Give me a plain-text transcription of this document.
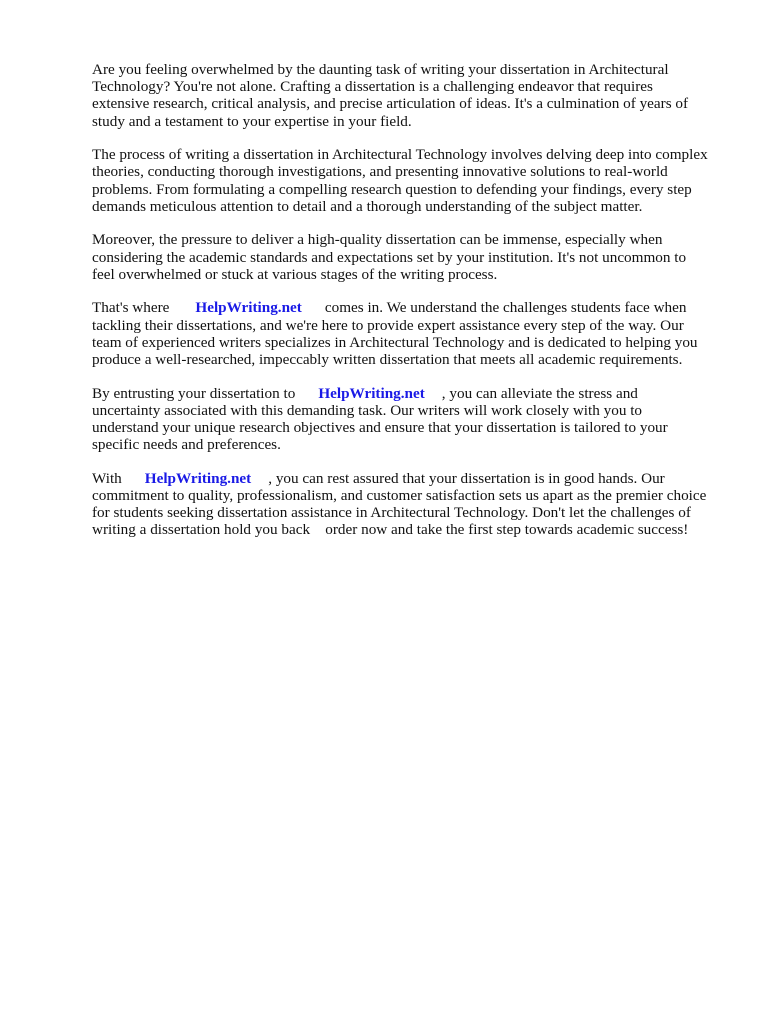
Are you feeling overwhelmed by the daunting task of writing your dissertation in Architectural
Technology? You're not alone. Crafting a dissertation is a challenging endeavor that requires
extensive research, critical analysis, and precise articulation of ideas. It's a culmination of years of
study and a testament to your expertise in your field.

The process of writing a dissertation in Architectural Technology involves delving deep into complex
theories, conducting thorough investigations, and presenting innovative solutions to real-world
problems. From formulating a compelling research question to defending your findings, every step
demands meticulous attention to detail and a thorough understanding of the subject matter.

Moreover, the pressure to deliver a high-quality dissertation can be immense, especially when
considering the academic standards and expectations set by your institution. It's not uncommon to
feel overwhelmed or stuck at various stages of the writing process.

That's where HelpWriting.net comes in. We understand the challenges students face when
tackling their dissertations, and we're here to provide expert assistance every step of the way. Our
team of experienced writers specializes in Architectural Technology and is dedicated to helping you
produce a well-researched, impeccably written dissertation that meets all academic requirements.

By entrusting your dissertation to HelpWriting.net , you can alleviate the stress and
uncertainty associated with this demanding task. Our writers will work closely with you to
understand your unique research objectives and ensure that your dissertation is tailored to your
specific needs and preferences.

With HelpWriting.net , you can rest assured that your dissertation is in good hands. Our
commitment to quality, professionalism, and customer satisfaction sets us apart as the premier choice
for students seeking dissertation assistance in Architectural Technology. Don't let the challenges of
writing a dissertation hold you back    order now and take the first step towards academic success!
